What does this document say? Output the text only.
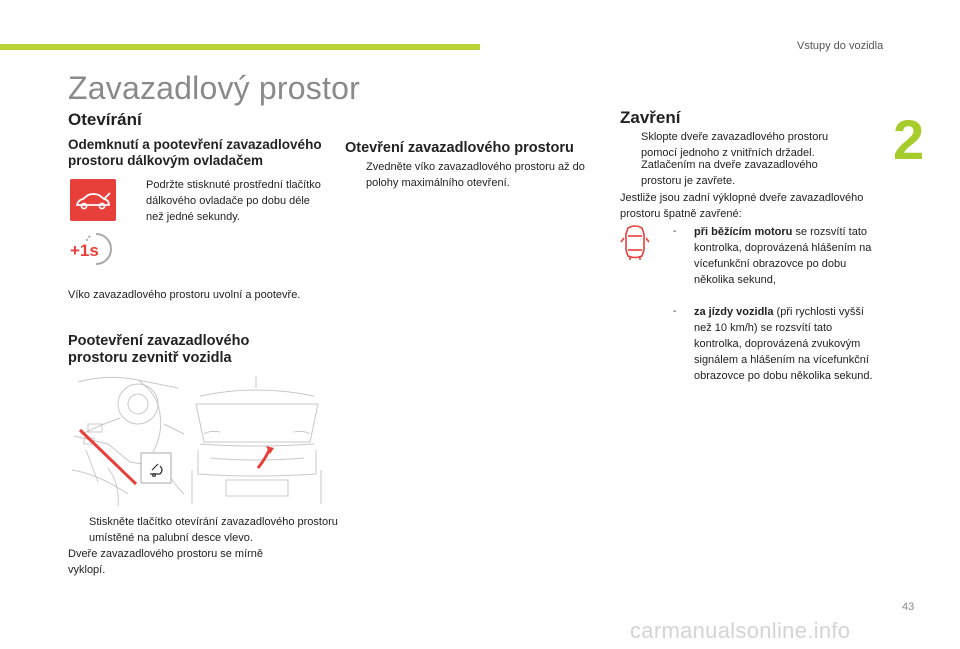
Vstupy do vozidla
2
Zavazadlový prostor
Otevírání
Odemknutí a pootevření zavazadlového
prostoru dálkovým ovladačem
Podržte stisknuté prostřední tlačítko dálkového ovladače po dobu déle než jedné sekundy.
+1s
Víko zavazadlového prostoru uvolní a pootevře.
Pootevření zavazadlového
prostoru zevnitř vozidla
Stiskněte tlačítko otevírání zavazadlového prostoru umístěné na palubní desce vlevo.
Dveře zavazadlového prostoru se mírně vyklopí.
Otevření zavazadlového prostoru
Zvedněte víko zavazadlového prostoru až do polohy maximálního otevření.
Zavření
Sklopte dveře zavazadlového prostoru pomocí jednoho z vnitřních držadel.
Zatlačením na dveře zavazadlového prostoru je zavřete.
Jestliže jsou zadní výklopné dveře zavazadlového prostoru špatně zavřené:
-	při běžícím motoru se rozsvítí tato kontrolka, doprovázená hlášením na vícefunkční obrazovce po dobu několika sekund,
-	za jízdy vozidla (při rychlosti vyšší než 10 km/h) se rozsvítí tato kontrolka, doprovázená zvukovým signálem a hlášením na vícefunkční obrazovce po dobu několika sekund.
43
carmanualsonline.info
